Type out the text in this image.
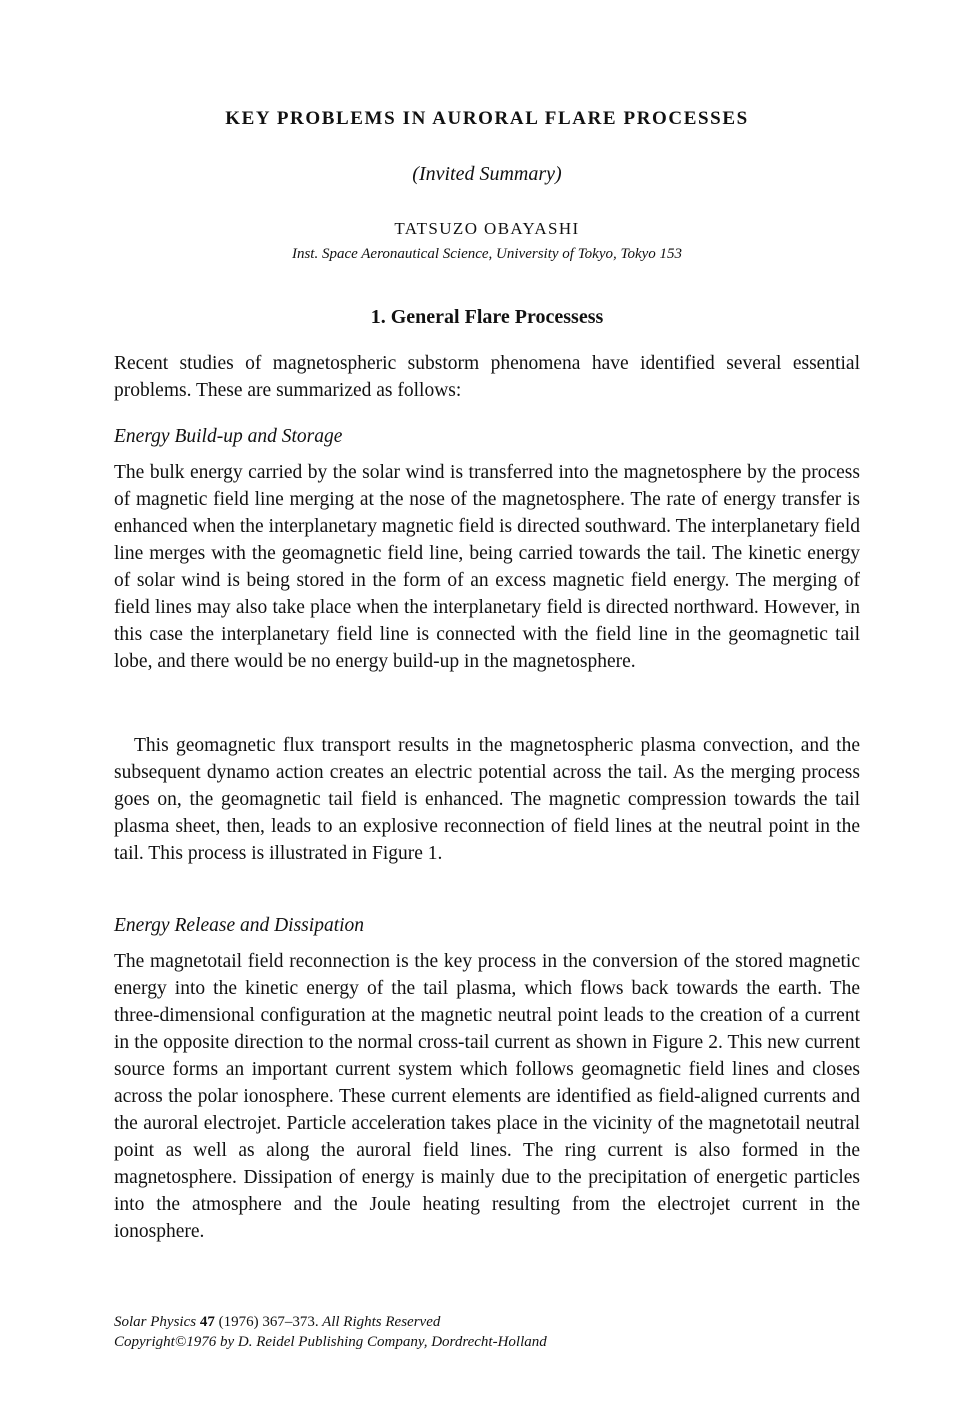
KEY PROBLEMS IN AURORAL FLARE PROCESSES
(Invited Summary)
TATSUZO OBAYASHI
Inst. Space Aeronautical Science, University of Tokyo, Tokyo 153
1. General Flare Processess

Recent studies of magnetospheric substorm phenomena have identified several essential problems. These are summarized as follows:

Energy Build-up and Storage

The bulk energy carried by the solar wind is transferred into the magnetosphere by the process of magnetic field line merging at the nose of the magnetosphere. The rate of energy transfer is enhanced when the interplanetary magnetic field is directed southward. The interplanetary field line merges with the geomagnetic field line, being carried towards the tail. The kinetic energy of solar wind is being stored in the form of an excess magnetic field energy. The merging of field lines may also take place when the interplanetary field is directed northward. However, in this case the interplanetary field line is connected with the field line in the geomagnetic tail lobe, and there would be no energy build-up in the magnetosphere.

This geomagnetic flux transport results in the magnetospheric plasma convection, and the subsequent dynamo action creates an electric potential across the tail. As the merging process goes on, the geomagnetic tail field is enhanced. The magnetic compression towards the tail plasma sheet, then, leads to an explosive reconnection of field lines at the neutral point in the tail. This process is illustrated in Figure 1.

Energy Release and Dissipation

The magnetotail field reconnection is the key process in the conversion of the stored magnetic energy into the kinetic energy of the tail plasma, which flows back towards the earth. The three-dimensional configuration at the magnetic neutral point leads to the creation of a current in the opposite direction to the normal cross-tail current as shown in Figure 2. This new current source forms an important current system which follows geomagnetic field lines and closes across the polar ionosphere. These current elements are identified as field-aligned currents and the auroral electrojet. Particle acceleration takes place in the vicinity of the magnetotail neutral point as well as along the auroral field lines. The ring current is also formed in the magnetosphere. Dissipation of energy is mainly due to the precipitation of energetic particles into the atmosphere and the Joule heating resulting from the electrojet current in the ionosphere.

Solar Physics 47 (1976) 367–373. All Rights Reserved
Copyright©1976 by D. Reidel Publishing Company, Dordrecht-Holland
